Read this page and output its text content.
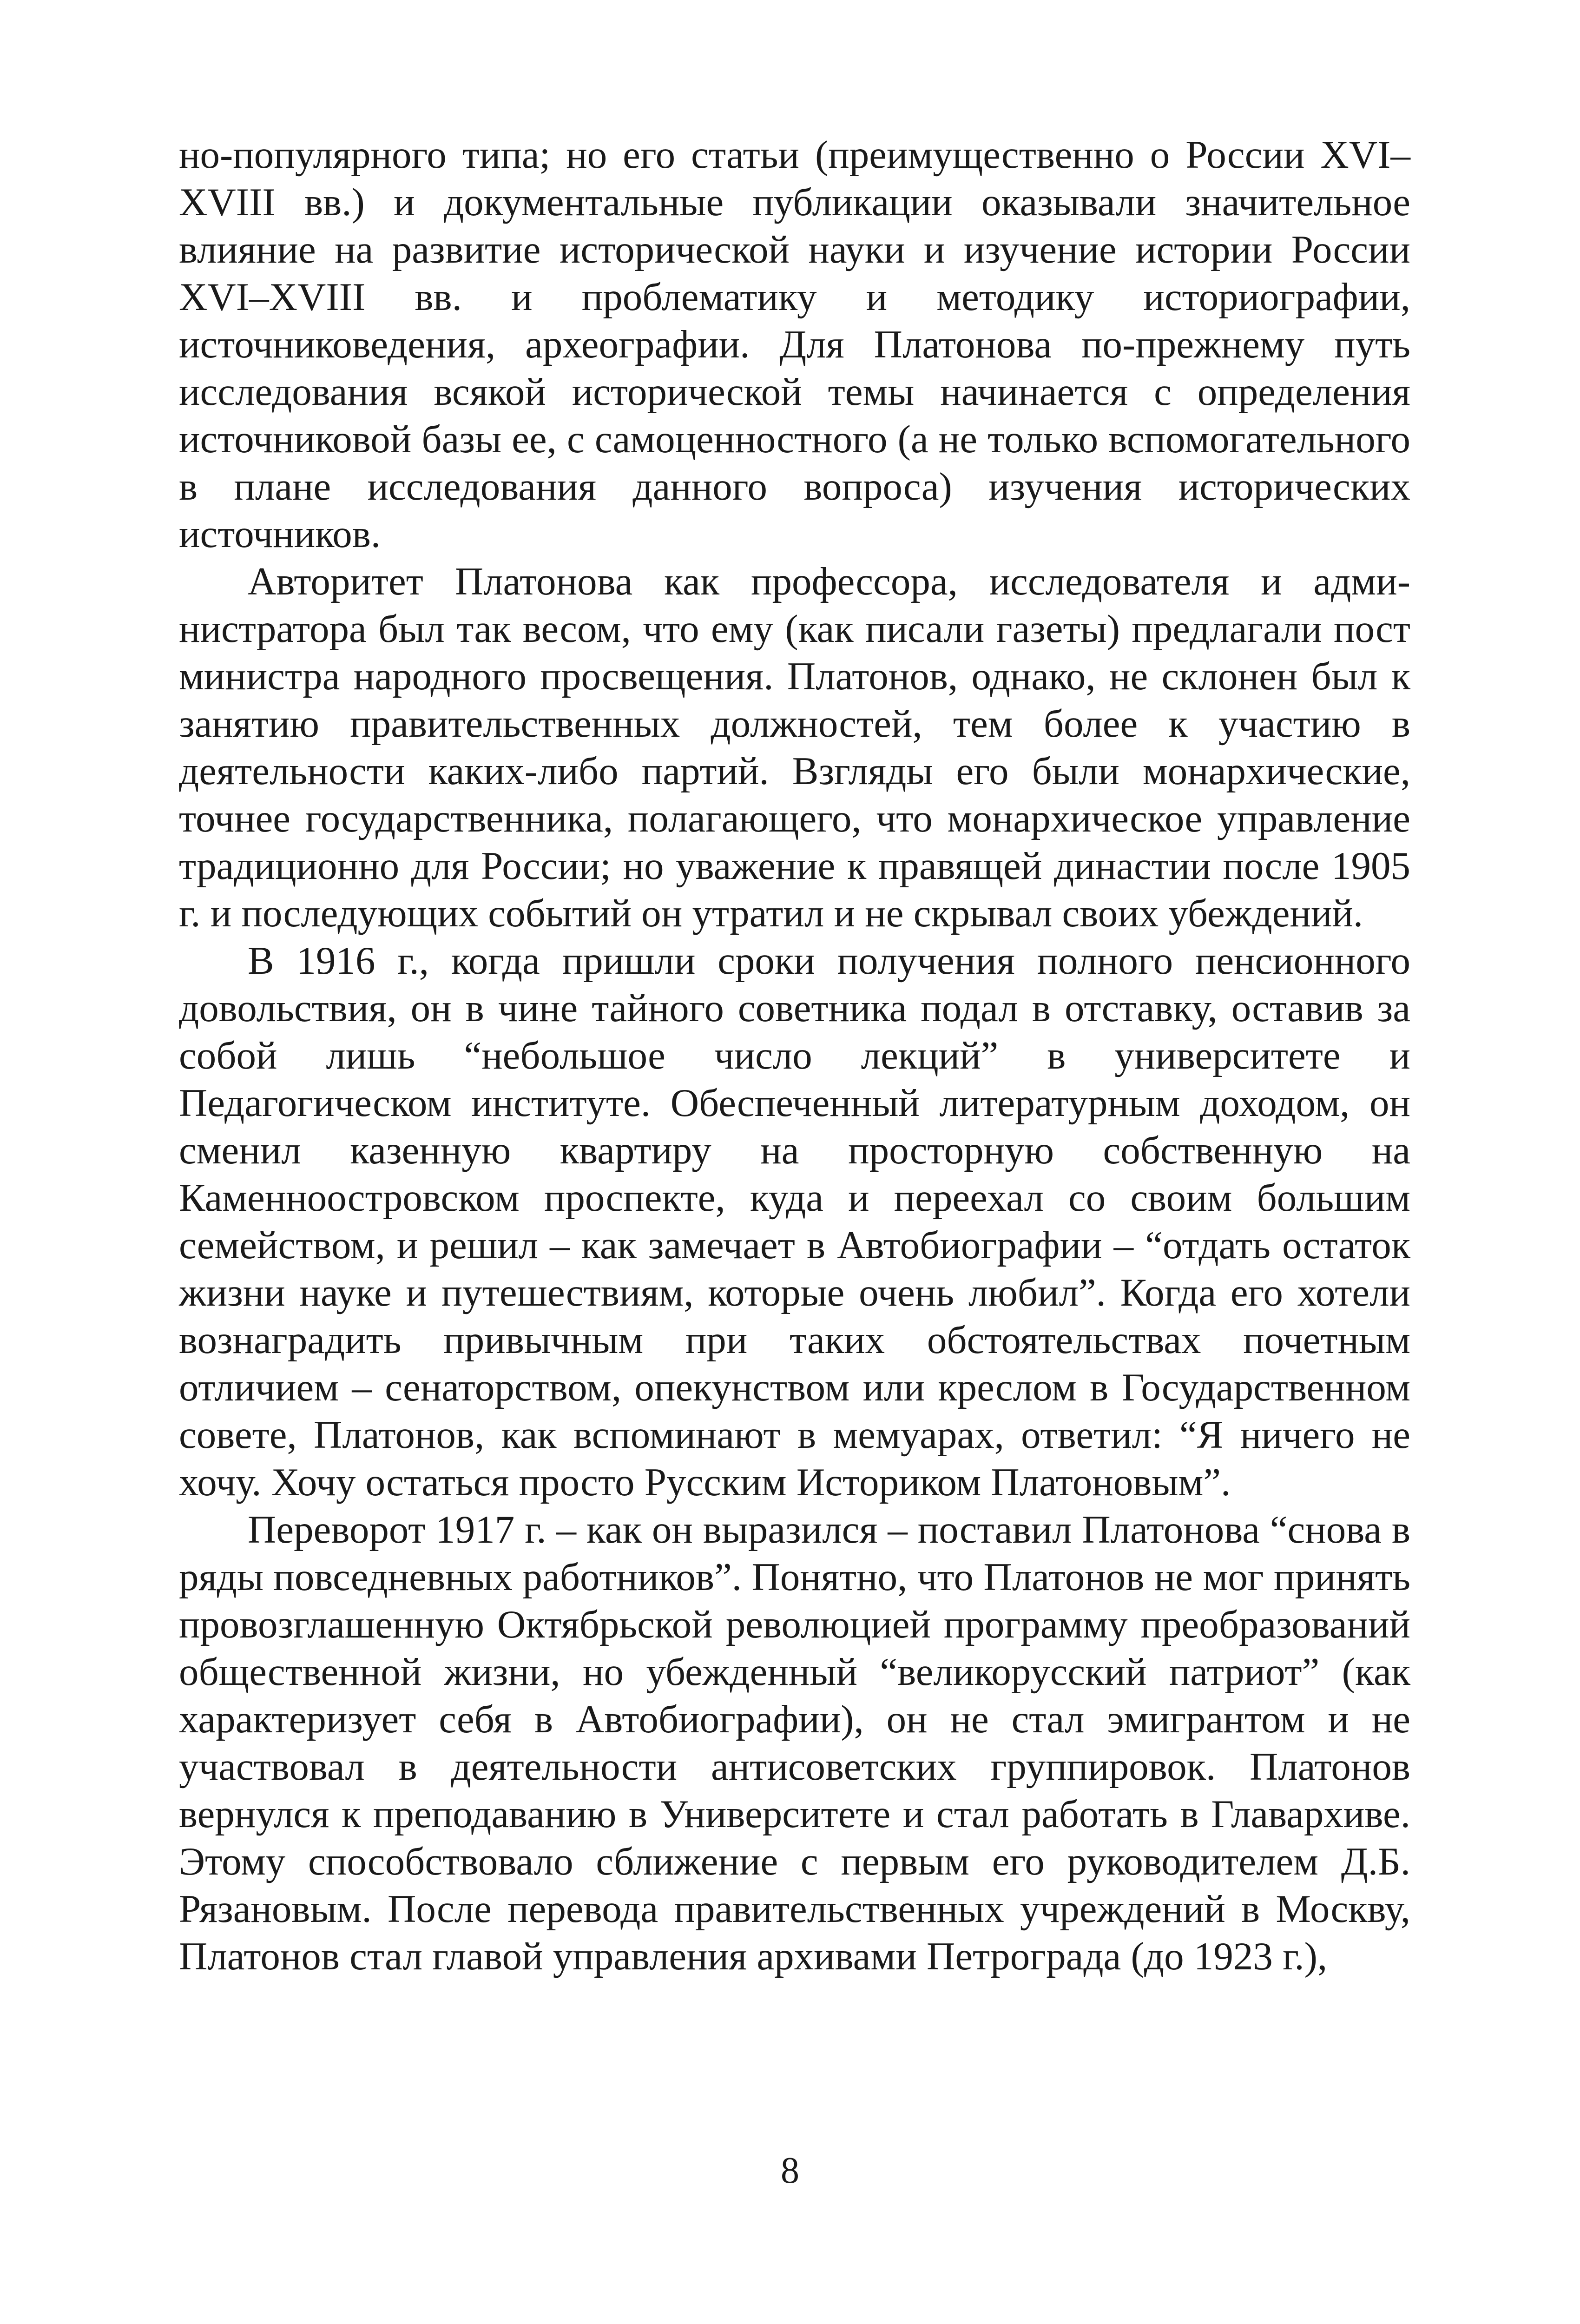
но-популярного типа; но его статьи (преимущественно о России XVI–XVIII вв.) и документальные публикации оказывали значительное влияние на развитие исторической науки и изучение истории России XVI–XVIII вв. и проблематику и методику историографии, источниковедения, археографии. Для Платонова по-прежнему путь исследования всякой исторической темы начинается с определения источниковой базы ее, с самоценностного (а не только вспомогательного в плане исследования данного вопроса) изучения исторических источников.

Авторитет Платонова как профессора, исследователя и администратора был так весом, что ему (как писали газеты) предлагали пост министра народного просвещения. Платонов, однако, не склонен был к занятию правительственных должностей, тем более к участию в деятельности каких-либо партий. Взгляды его были монархические, точнее государственника, полагающего, что монархическое управление традиционно для России; но уважение к правящей династии после 1905 г. и последующих событий он утратил и не скрывал своих убеждений.

В 1916 г., когда пришли сроки получения полного пенсионного довольствия, он в чине тайного советника подал в отставку, оставив за собой лишь “небольшое число лекций” в университете и Педагогическом институте. Обеспеченный литературным доходом, он сменил казенную квартиру на просторную собственную на Каменноостровском проспекте, куда и переехал со своим большим семейством, и решил – как замечает в Автобиографии – “отдать остаток жизни науке и путешествиям, которые очень любил”. Когда его хотели вознаградить привычным при таких обстоятельствах почетным отличием – сенаторством, опекунством или креслом в Государственном совете, Платонов, как вспоминают в мемуарах, ответил: “Я ничего не хочу. Хочу остаться просто Русским Историком Платоновым”.

Переворот 1917 г. – как он выразился – поставил Платонова “снова в ряды повседневных работников”. Понятно, что Платонов не мог принять провозглашенную Октябрьской революцией программу преобразований общественной жизни, но убежденный “великорусский патриот” (как характеризует себя в Автобиографии), он не стал эмигрантом и не участвовал в деятельности антисоветских группировок. Платонов вернулся к преподаванию в Университете и стал работать в Главархиве. Этому способствовало сближение с первым его руководителем Д.Б. Рязановым. После перевода правительственных учреждений в Москву, Платонов стал главой управления архивами Петрограда (до 1923 г.),

8
